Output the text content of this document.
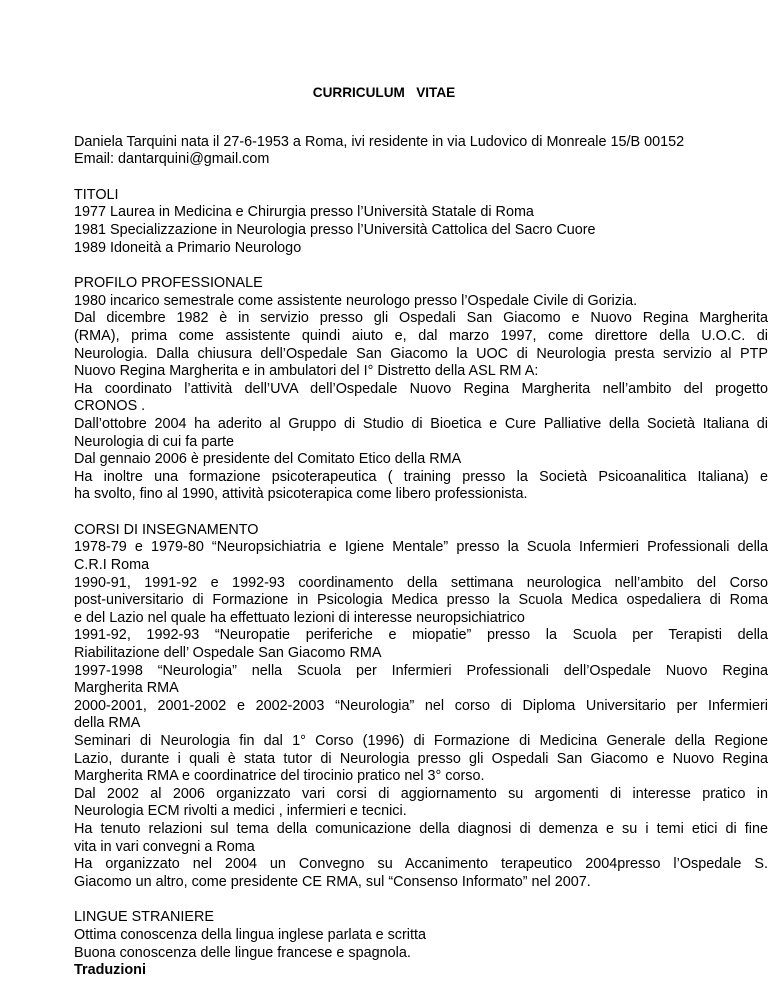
CURRICULUM   VITAE
Daniela Tarquini nata il 27-6-1953 a Roma, ivi residente in via Ludovico di Monreale 15/B 00152
Email: dantarquini@gmail.com
TITOLI
1977 Laurea in Medicina e Chirurgia presso l’Università Statale di Roma
1981 Specializzazione in Neurologia presso l’Università Cattolica del Sacro Cuore
1989 Idoneità a Primario Neurologo
PROFILO PROFESSIONALE
1980 incarico semestrale come assistente neurologo presso l’Ospedale Civile di Gorizia.
Dal dicembre 1982 è in servizio presso gli Ospedali San Giacomo e Nuovo Regina Margherita
(RMA), prima come assistente quindi aiuto e, dal marzo 1997, come direttore della U.O.C. di
Neurologia. Dalla chiusura dell’Ospedale San Giacomo la UOC di Neurologia presta servizio al PTP
Nuovo Regina Margherita e in ambulatori del I° Distretto della ASL RM A:
Ha coordinato l’attività dell’UVA dell’Ospedale Nuovo Regina Margherita nell’ambito del progetto
CRONOS .
Dall’ottobre 2004 ha aderito al Gruppo di Studio di Bioetica e Cure Palliative della Società Italiana di
Neurologia di cui fa parte
Dal gennaio 2006 è presidente del Comitato Etico della RMA
Ha inoltre una formazione psicoterapeutica ( training presso la Società Psicoanalitica Italiana) e
ha svolto, fino al 1990, attività psicoterapica come libero professionista.
CORSI DI INSEGNAMENTO
1978-79 e 1979-80 “Neuropsichiatria e Igiene Mentale” presso la Scuola Infermieri Professionali della
C.R.I Roma
1990-91, 1991-92 e 1992-93 coordinamento della settimana neurologica nell’ambito del Corso
post-universitario di Formazione in Psicologia Medica presso la Scuola Medica ospedaliera di Roma
e del Lazio nel quale ha effettuato lezioni di interesse neuropsichiatrico
1991-92, 1992-93 “Neuropatie periferiche e miopatie” presso la Scuola per Terapisti della
Riabilitazione dell’ Ospedale San Giacomo RMA
1997-1998 “Neurologia” nella Scuola per Infermieri Professionali dell’Ospedale Nuovo Regina
Margherita RMA
2000-2001, 2001-2002 e 2002-2003 “Neurologia” nel corso di Diploma Universitario per Infermieri
della RMA
Seminari di Neurologia fin dal 1° Corso (1996) di Formazione di Medicina Generale della Regione
Lazio, durante i quali è stata tutor di Neurologia presso gli Ospedali San Giacomo e Nuovo Regina
Margherita RMA e coordinatrice del tirocinio pratico nel 3° corso.
Dal 2002 al 2006 organizzato vari corsi di aggiornamento su argomenti di interesse pratico in
Neurologia ECM rivolti a medici , infermieri e tecnici.
Ha tenuto relazioni sul tema della comunicazione della diagnosi di demenza e su i temi etici di fine
vita in vari convegni a Roma
Ha organizzato nel 2004 un Convegno su Accanimento terapeutico 2004presso l’Ospedale S.
Giacomo un altro, come presidente CE RMA, sul “Consenso Informato” nel 2007.
LINGUE STRANIERE
Ottima conoscenza della lingua inglese parlata e scritta
Buona conoscenza delle lingue francese e spagnola.
Traduzioni
